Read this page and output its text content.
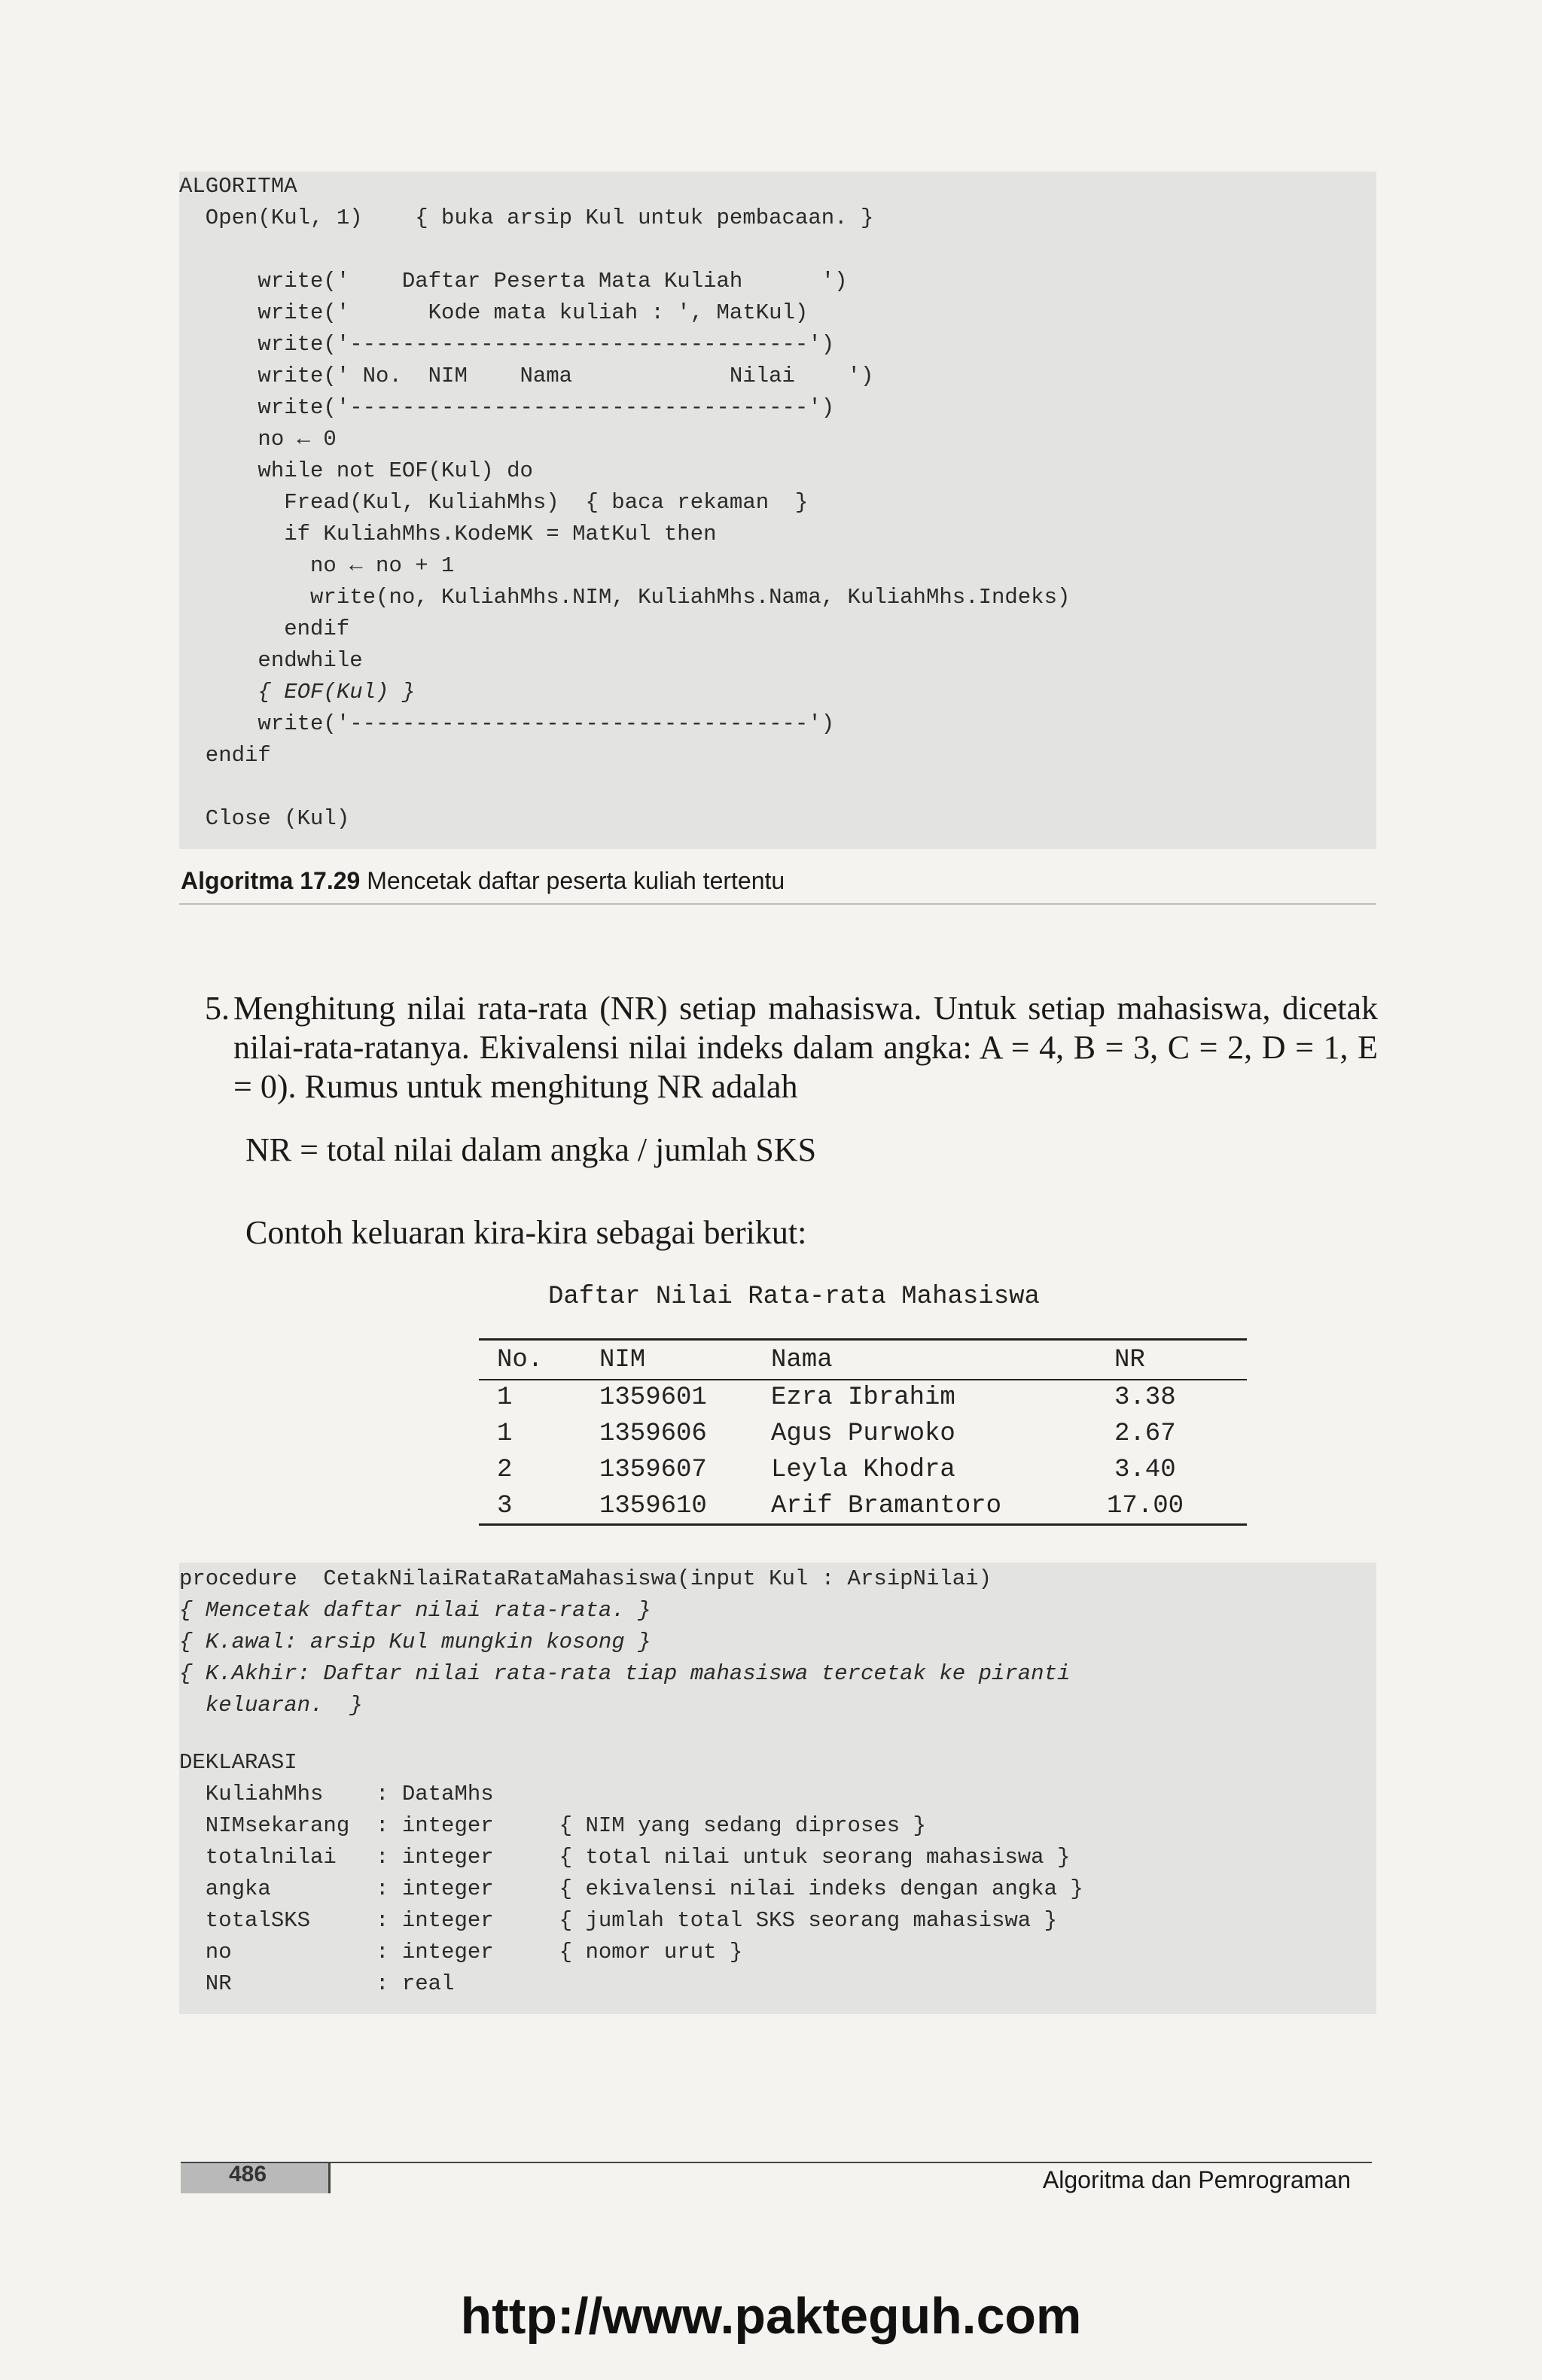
ALGORITMA
Open(Kul, 1)    { buka arsip Kul untuk pembacaan. }
write('    Daftar Peserta Mata Kuliah      ')
write('      Kode mata kuliah : ', MatKul)
write('-----------------------------------')
write(' No.  NIM    Nama            Nilai    ')
write('-----------------------------------')
no ← 0
while not EOF(Kul) do
Fread(Kul, KuliahMhs)  { baca rekaman  }
if KuliahMhs.KodeMK = MatKul then
no ← no + 1
write(no, KuliahMhs.NIM, KuliahMhs.Nama, KuliahMhs.Indeks)
endif
endwhile
{ EOF(Kul) }
write('-----------------------------------')
endif
Close (Kul)
Algoritma 17.29 Mencetak daftar peserta kuliah tertentu
5. Menghitung nilai rata-rata (NR) setiap mahasiswa. Untuk setiap mahasiswa, dicetak nilai-rata-ratanya. Ekivalensi nilai indeks dalam angka: A = 4, B = 3, C = 2, D = 1, E = 0). Rumus untuk menghitung NR adalah
NR = total nilai dalam angka / jumlah SKS
Contoh keluaran kira-kira sebagai berikut:
Daftar Nilai Rata-rata Mahasiswa
No. NIM	Nama	NR
1	1359601	Ezra Ibrahim	3.38
1	1359606	Agus Purwoko	2.67
2	1359607	Leyla Khodra	3.40
3	1359610	Arif Bramantoro	17.00
procedure  CetakNilaiRataRataMahasiswa(input Kul : ArsipNilai)
{ Mencetak daftar nilai rata-rata. }
{ K.awal: arsip Kul mungkin kosong }
{ K.Akhir: Daftar nilai rata-rata tiap mahasiswa tercetak ke piranti
keluaran.  }
DEKLARASI
KuliahMhs    : DataMhs
NIMsekarang  : integer     { NIM yang sedang diproses }
totalnilai   : integer     { total nilai untuk seorang mahasiswa }
angka        : integer     { ekivalensi nilai indeks dengan angka }
totalSKS     : integer     { jumlah total SKS seorang mahasiswa }
no           : integer     { nomor urut }
NR           : real
486	Algoritma dan Pemrograman
http://www.pakteguh.com
